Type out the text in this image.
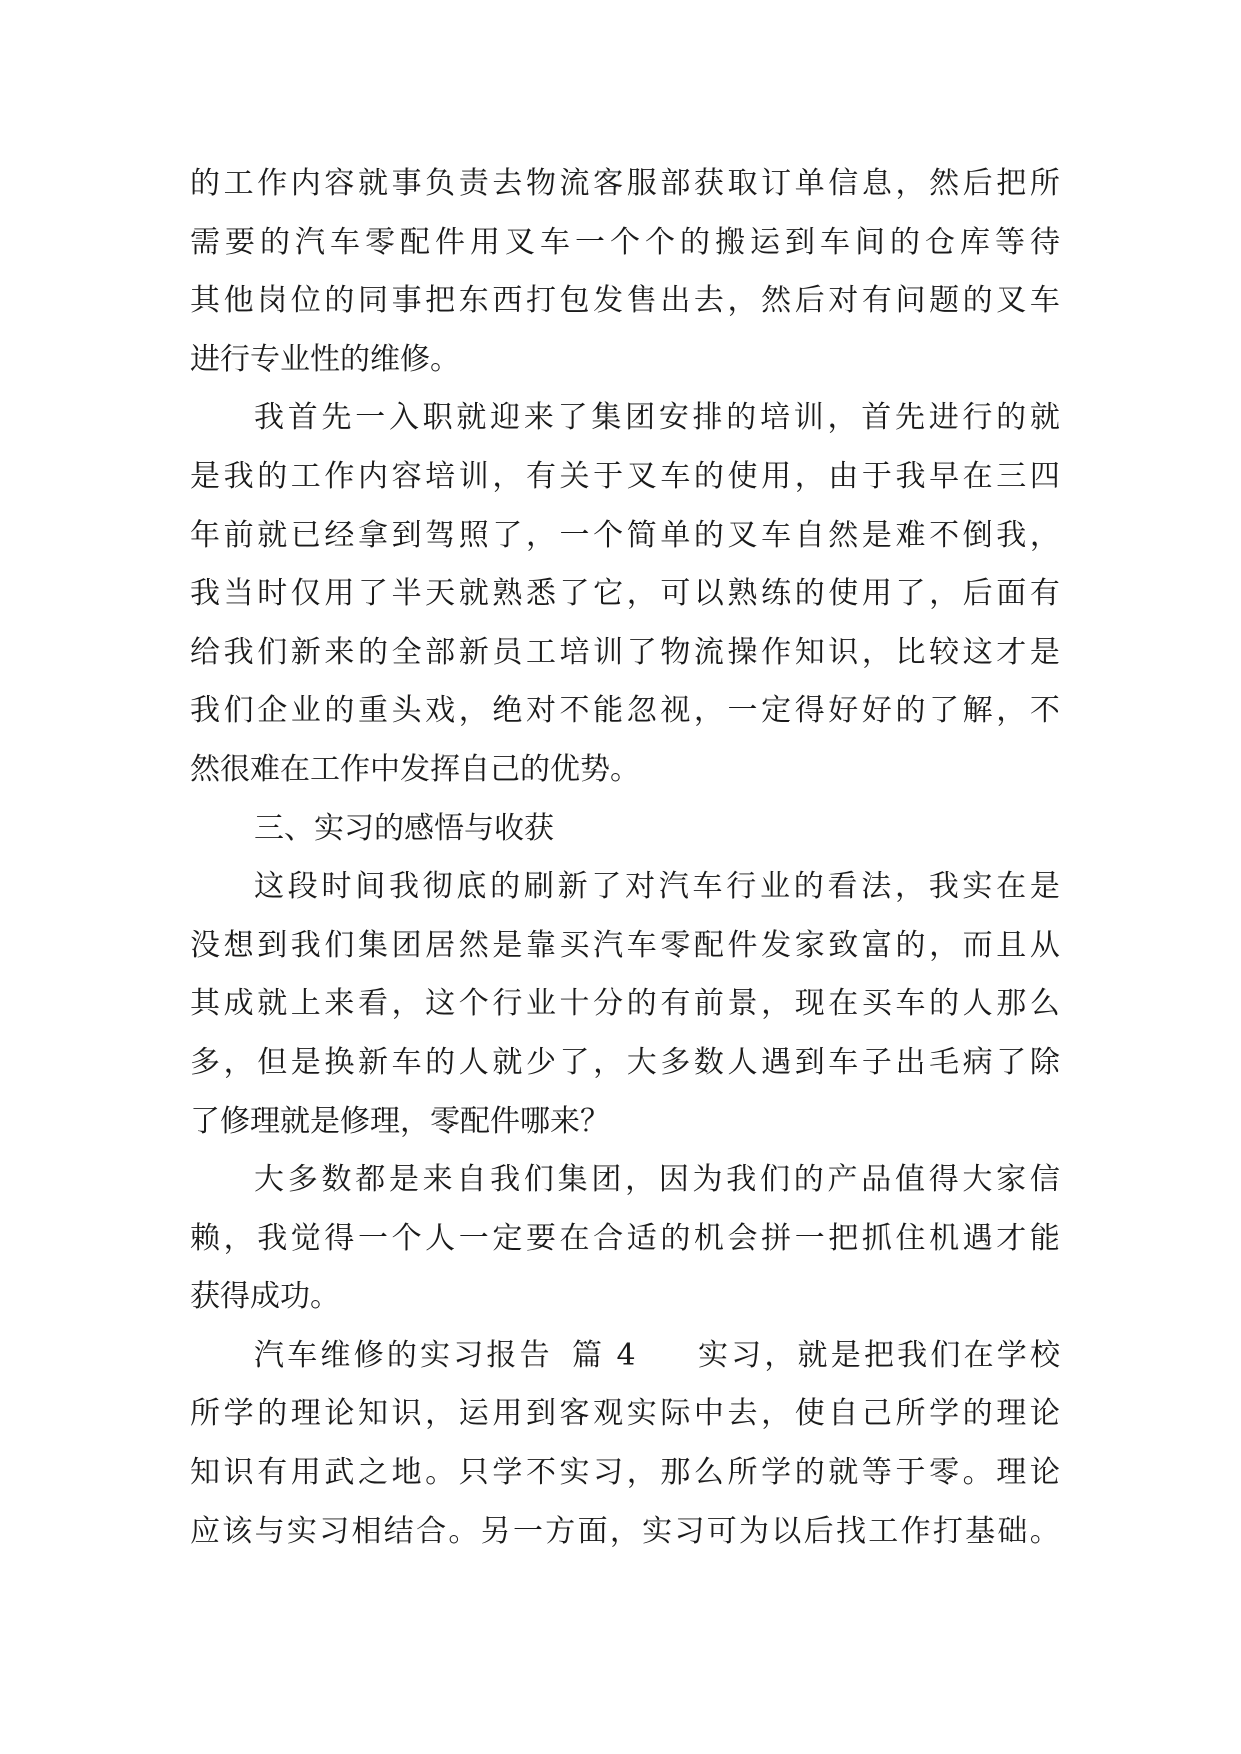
的 工 作 内 容 就 事 负 责 去 物 流 客 服 部 获 取 订 单 信 息 ， 然 后 把 所
需 要 的 汽 车 零 配 件 用 叉 车 一 个 个 的 搬 运 到 车 间 的 仓 库 等 待
其 他 岗 位 的 同 事 把 东 西 打 包 发 售 出 去 ， 然 后 对 有 问 题 的 叉 车
进行专业性的维修。
我 首 先 一 入 职 就 迎 来 了 集 团 安 排 的 培 训 ， 首 先 进 行 的 就
是 我 的 工 作 内 容 培 训 ， 有 关 于 叉 车 的 使 用 ， 由 于 我 早 在 三 四
年 前 就 已 经 拿 到 驾 照 了 ， 一 个 简 单 的 叉 车 自 然 是 难 不 倒 我 ，
我 当 时 仅 用 了 半 天 就 熟 悉 了 它 ， 可 以 熟 练 的 使 用 了 ， 后 面 有
给 我 们 新 来 的 全 部 新 员 工 培 训 了 物 流 操 作 知 识 ， 比 较 这 才 是
我 们 企 业 的 重 头 戏 ， 绝 对 不 能 忽 视 ， 一 定 得 好 好 的 了 解 ， 不
然很难在工作中发挥自己的优势。
三、实习的感悟与收获
这 段 时 间 我 彻 底 的 刷 新 了 对 汽 车 行 业 的 看 法 ， 我 实 在 是
没 想 到 我 们 集 团 居 然 是 靠 买 汽 车 零 配 件 发 家 致 富 的 ， 而 且 从
其 成 就 上 来 看 ， 这 个 行 业 十 分 的 有 前 景 ， 现 在 买 车 的 人 那 么
多 ， 但 是 换 新 车 的 人 就 少 了 ， 大 多 数 人 遇 到 车 子 出 毛 病 了 除
了修理就是修理，零配件哪来？
大 多 数 都 是 来 自 我 们 集 团 ， 因 为 我 们 的 产 品 值 得 大 家 信
赖 ， 我 觉 得 一 个 人 一 定 要 在 合 适 的 机 会 拼 一 把 抓 住 机 遇 才 能
获得成功。
汽 车 维 修 的 实 习 报 告 篇 4 实 习 ， 就 是 把 我 们 在 学 校
所 学 的 理 论 知 识 ， 运 用 到 客 观 实 际 中 去 ， 使 自 己 所 学 的 理 论
知 识 有 用 武 之 地 。 只 学 不 实 习 ， 那 么 所 学 的 就 等 于 零 。 理 论
应 该 与 实 习 相 结 合 。 另 一 方 面 ， 实 习 可 为 以 后 找 工 作 打 基 础 。
